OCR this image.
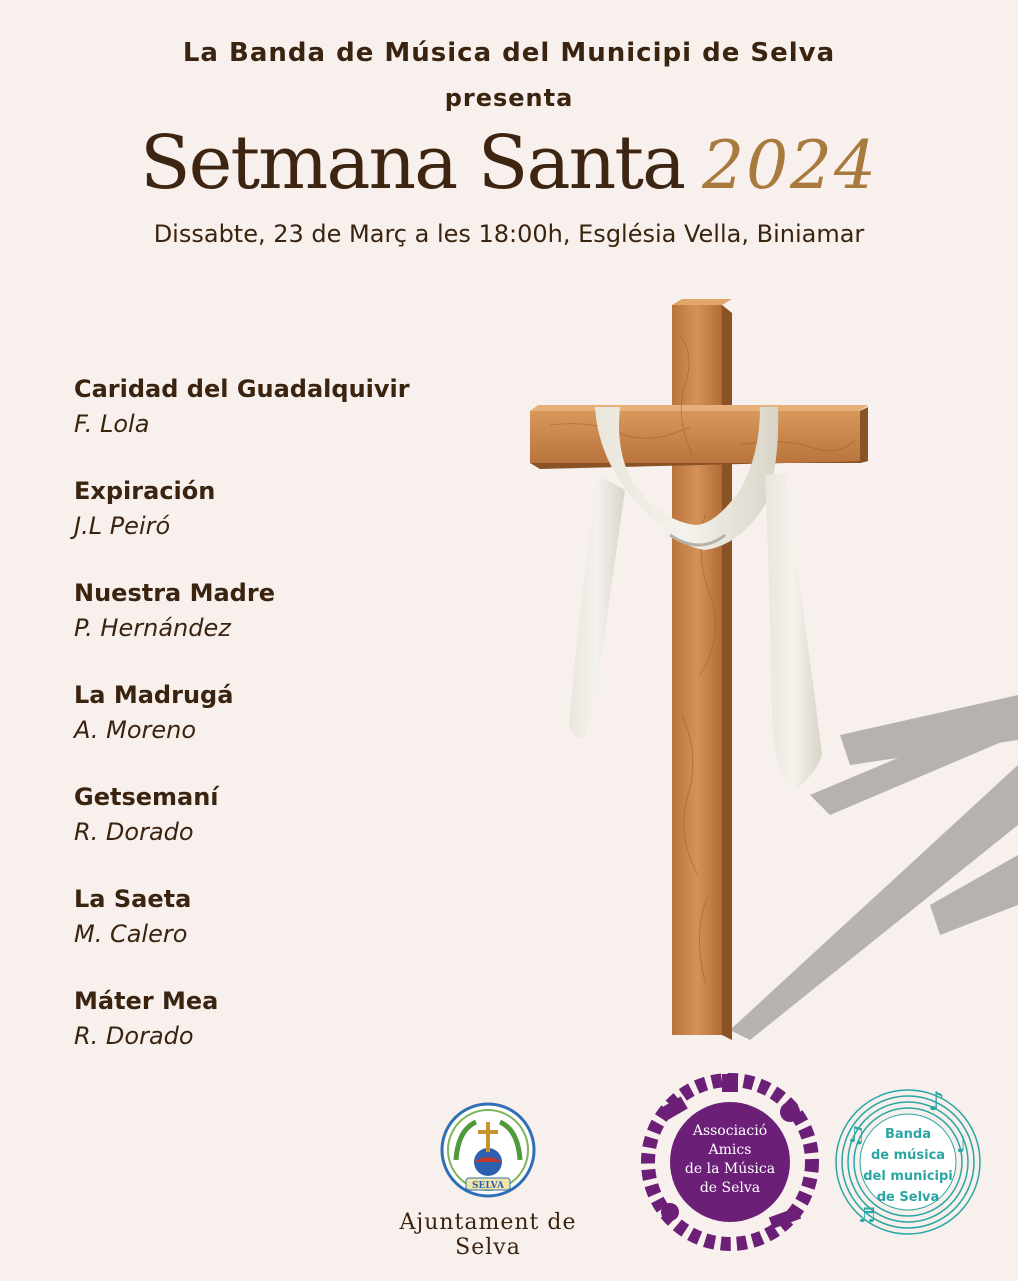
La Banda de Música del Municipi de Selva
presenta
Setmana Santa 2024
Dissabte, 23 de Març a les 18:00h, Església Vella, Biniamar
Caridad del Guadalquivir
F. Lola
Expiración
J.L Peiró
Nuestra Madre
P. Hernández
La Madrugá
A. Moreno
Getsemaní
R. Dorado
La Saeta
M. Calero
Máter Mea
R. Dorado
SELVA
Ajuntament de Selva
Associació
Amics
de la Música
de Selva
♪
♫	♩
♬
Banda
de música
del municipi
de Selva
